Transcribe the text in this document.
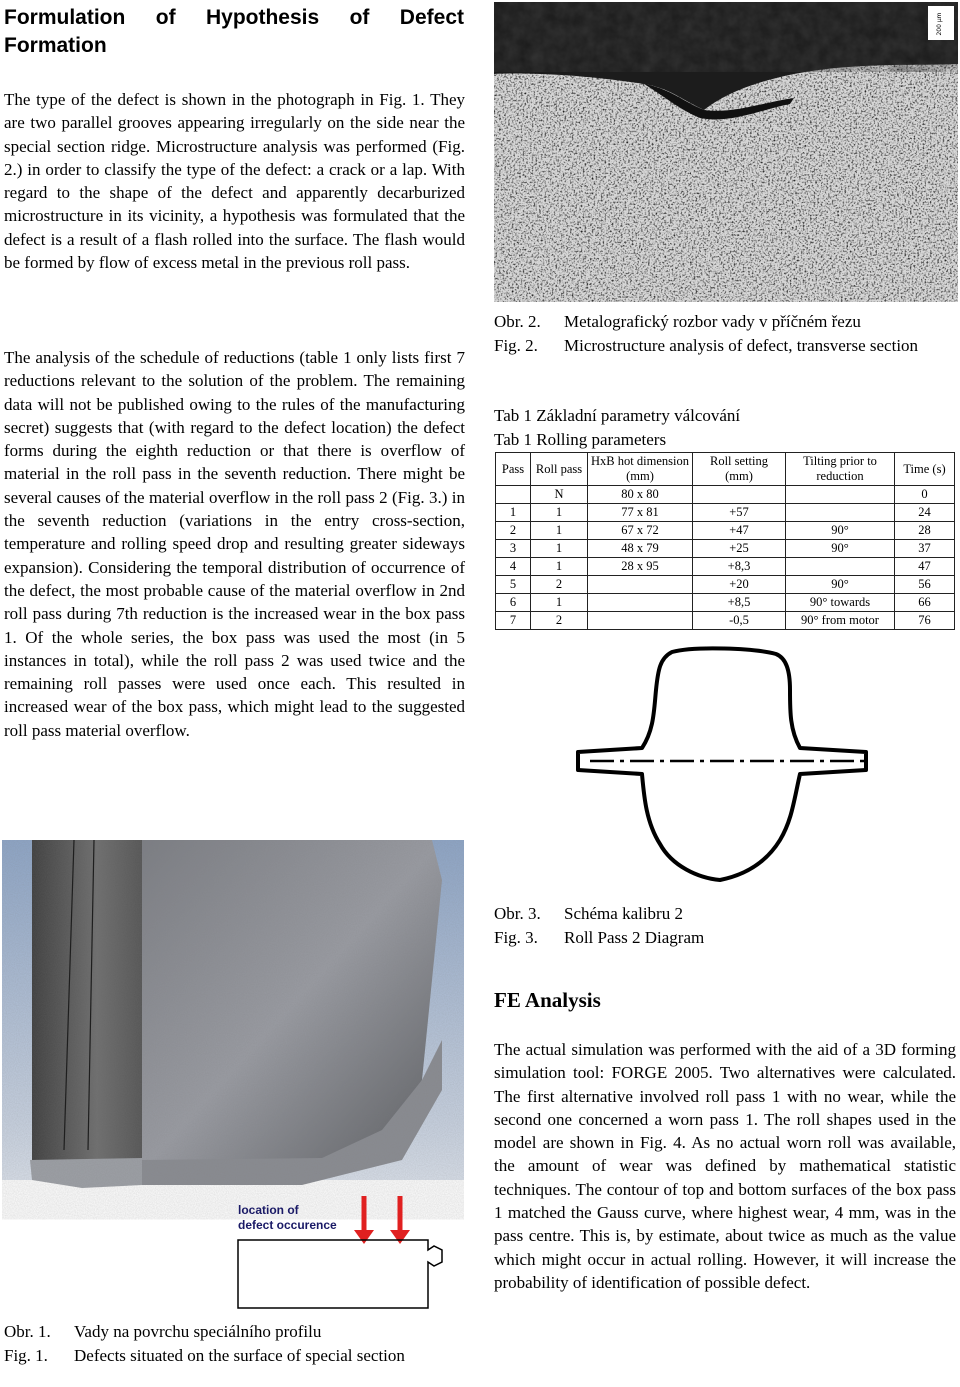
Formulation of Hypothesis of Defect
Formation

The type of the defect is shown in the photograph in Fig. 1. They are two parallel grooves appearing irregularly on the side near the special section ridge. Microstructure analysis was performed (Fig. 2.) in order to classify the type of the defect: a crack or a lap. With regard to the shape of the defect and apparently decarburized microstructure in its vicinity, a hypothesis was formulated that the defect is a result of a flash rolled into the surface. The flash would be formed by flow of excess metal in the previous roll pass.

The analysis of the schedule of reductions (table 1 only lists first 7 reductions relevant to the solution of the problem. The remaining data will not be published owing to the rules of the manufacturing secret) suggests that (with regard to the defect location) the defect forms during the eighth reduction or that there is overflow of material in the roll pass in the seventh reduction. There might be several causes of the material overflow in the roll pass 2 (Fig. 3.) in the seventh reduction (variations in the entry cross-section, temperature and rolling speed drop and resulting greater sideways expansion). Considering the temporal distribution of occurrence of the defect, the most probable cause of the material overflow in 2nd roll pass during 7th reduction is the increased wear in the box pass 1. Of the whole series, the box pass was used the most (in 5 instances in total), while the roll pass 2 was used twice and the remaining roll passes were used once each. This resulted in increased wear of the box pass, which might lead to the suggested roll pass material overflow.

200 µm
Obr. 2. Metalografický rozbor vady v příčném řezu
Fig. 2. Microstructure analysis of defect, transverse section
Tab 1 Základní parametry válcování
Tab 1 Rolling parameters
Pass	Roll pass	HxB hot dimension (mm)	Roll setting (mm)	Tilting prior to reduction	Time (s)
	N	80 x 80			0
1	1	77 x 81	+57		24
2	1	67 x 72	+47	90°	28
3	1	48 x 79	+25	90°	37
4	1	28 x 95	+8,3		47
5	2		+20	90°	56
6	1		+8,5	90° towards	66
7	2		-0,5	90° from motor	76
Obr. 3. Schéma kalibru 2
Fig. 3. Roll Pass 2 Diagram
FE Analysis

The actual simulation was performed with the aid of a 3D forming simulation tool: FORGE 2005. Two alternatives were calculated. The first alternative involved roll pass 1 with no wear, while the second one concerned a worn pass 1. The roll shapes used in the model are shown in Fig. 4. As no actual worn roll was available, the amount of wear was defined by mathematical statistic techniques. The contour of top and bottom surfaces of the box pass 1 matched the Gauss curve, where highest wear, 4 mm, was in the pass centre. This is, by estimate, about twice as much as the value which might occur in actual rolling. However, it will increase the probability of identification of possible defect.

location of
defect occurence
Obr. 1. Vady na povrchu speciálního profilu
Fig. 1. Defects situated on the surface of special section
